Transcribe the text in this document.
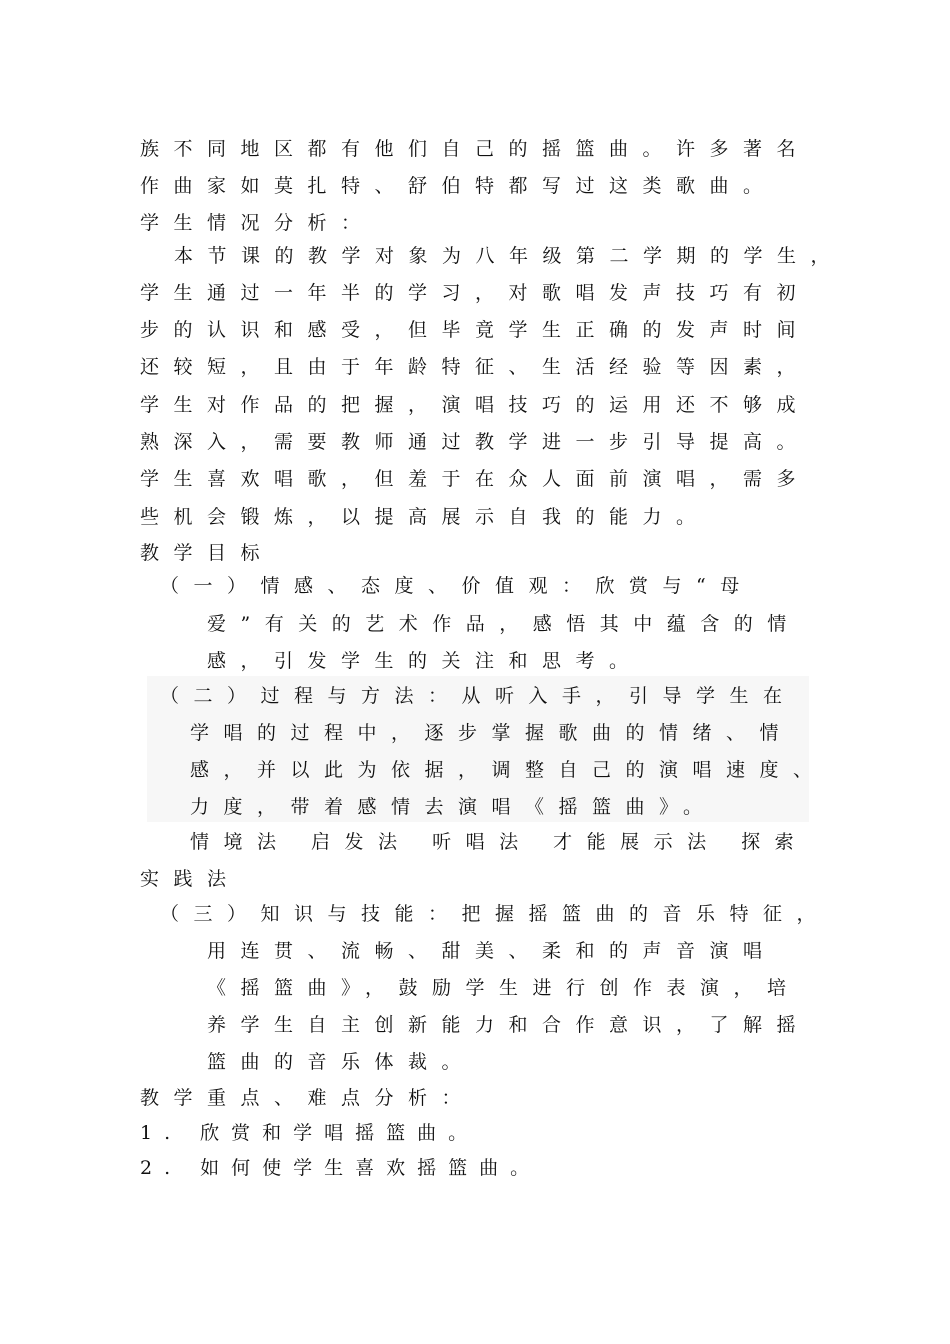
族不同地区都有他们自己的摇篮曲。许多著名
作曲家如莫扎特、舒伯特都写过这类歌曲。
学生情况分析：
本节课的教学对象为八年级第二学期的学生，
学生通过一年半的学习，对歌唱发声技巧有初
步的认识和感受，但毕竟学生正确的发声时间
还较短，且由于年龄特征、生活经验等因素，
学生对作品的把握，演唱技巧的运用还不够成
熟深入，需要教师通过教学进一步引导提高。
学生喜欢唱歌，但羞于在众人面前演唱，需多
些机会锻炼，以提高展示自我的能力。
教学目标
（一）情感、态度、价值观：欣赏与“母
爱”有关的艺术作品，感悟其中蕴含的情
感，引发学生的关注和思考。
（二）过程与方法：从听入手，引导学生在
学唱的过程中，逐步掌握歌曲的情绪、情
感，并以此为依据，调整自己的演唱速度、
力度，带着感情去演唱《摇篮曲》。
情境法 启发法 听唱法 才能展示法 探索
实践法
（三）知识与技能：把握摇篮曲的音乐特征，
用连贯、流畅、甜美、柔和的声音演唱
《摇篮曲》，鼓励学生进行创作表演，培
养学生自主创新能力和合作意识，了解摇
篮曲的音乐体裁。
教学重点、难点分析：
1. 欣赏和学唱摇篮曲。
2. 如何使学生喜欢摇篮曲。
